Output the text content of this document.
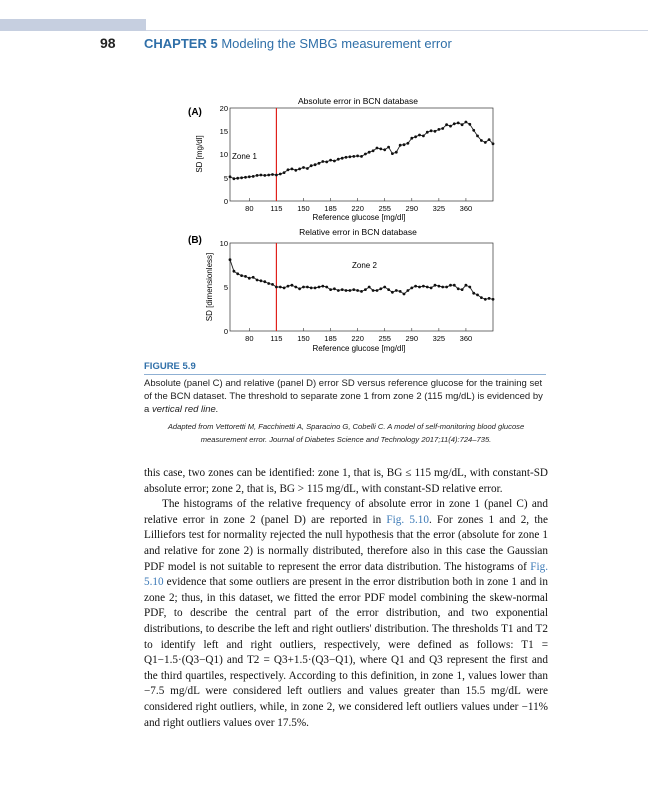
98 CHAPTER 5 Modeling the SMBG measurement error
Absolute error in BCN database
(A)
SD [mg/dl]
Reference glucose [mg/dl]
Zone 1
20
15
10
5
0
80 115 150 185 220 255 290 325 360
Relative error in BCN database
(B)
SD [dimensionless]
Reference glucose [mg/dl]
Zone 2
10
5
0
80 115 150 185 220 255 290 325 360
FIGURE 5.9
Absolute (panel C) and relative (panel D) error SD versus reference glucose for the training set of the BCN dataset. The threshold to separate zone 1 from zone 2 (115 mg/dL) is evidenced by a vertical red line.
Adapted from Vettoretti M, Facchinetti A, Sparacino G, Cobelli C. A model of self-monitoring blood glucose measurement error. Journal of Diabetes Science and Technology 2017;11(4):724–735.

this case, two zones can be identified: zone 1, that is, BG ≤ 115 mg/dL, with constant-SD absolute error; zone 2, that is, BG > 115 mg/dL, with constant-SD relative error.

The histograms of the relative frequency of absolute error in zone 1 (panel C) and relative error in zone 2 (panel D) are reported in Fig. 5.10. For zones 1 and 2, the Lilliefors test for normality rejected the null hypothesis that the error (absolute for zone 1 and relative for zone 2) is normally distributed, therefore also in this case the Gaussian PDF model is not suitable to represent the error data distribution. The histograms of Fig. 5.10 evidence that some outliers are present in the error distribution both in zone 1 and in zone 2; thus, in this dataset, we fitted the error PDF model combining the skew-normal PDF, to describe the central part of the error distribution, and two exponential distributions, to describe the left and right outliers' distribution. The thresholds T1 and T2 to identify left and right outliers, respectively, were defined as follows: T1 = Q1−1.5·(Q3−Q1) and T2 = Q3+1.5·(Q3−Q1), where Q1 and Q3 represent the first and the third quartiles, respectively. According to this definition, in zone 1, values lower than −7.5 mg/dL were considered left outliers and values greater than 15.5 mg/dL were considered right outliers, while, in zone 2, we considered left outliers values under −11% and right outliers values over 17.5%.
